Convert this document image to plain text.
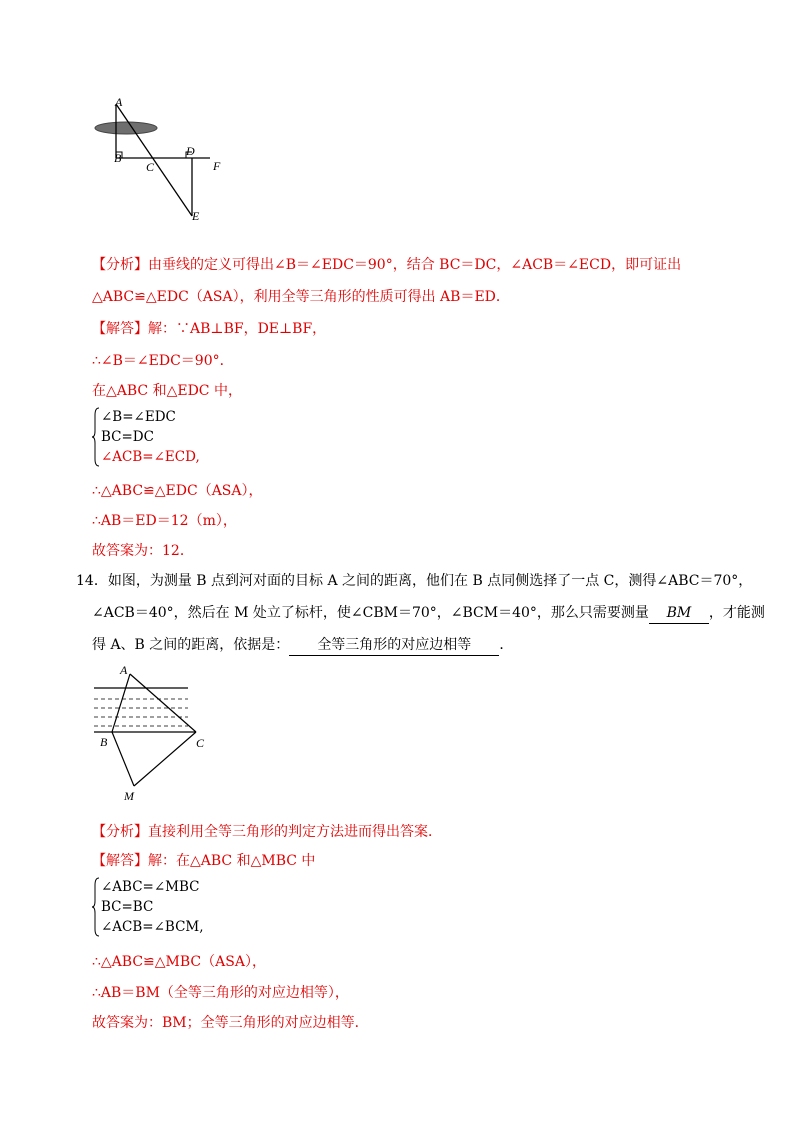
A
B
C
D
F
E
【分析】由垂线的定义可得出∠B＝∠EDC＝90°，结合 BC＝DC，∠ACB＝∠ECD，即可证出
△ABC≌△EDC（ASA），利用全等三角形的性质可得出 AB＝ED．
【解答】解：∵AB⊥BF，DE⊥BF，
∴∠B＝∠EDC＝90°．
在△ABC 和△EDC 中，
∠B=∠EDC
BC=DC
∠ACB=∠ECD,
∴△ABC≌△EDC（ASA），
∴AB＝ED＝12（m），
故答案为：12．
14．如图，为测量 B 点到河对面的目标 A 之间的距离，他们在 B 点同侧选择了一点 C，测得∠ABC＝70°，
∠ACB＝40°，然后在 M 处立了标杆，使∠CBM＝70°，∠BCM＝40°，那么只需要测量 BM ，才能测
得 A、B 之间的距离，依据是： 全等三角形的对应边相等 ．
A
B	C
M
【分析】直接利用全等三角形的判定方法进而得出答案．
【解答】解：在△ABC 和△MBC 中
∠ABC=∠MBC
BC=BC
∠ACB=∠BCM,
∴△ABC≌△MBC（ASA），
∴AB＝BM（全等三角形的对应边相等），
故答案为：BM；全等三角形的对应边相等．
